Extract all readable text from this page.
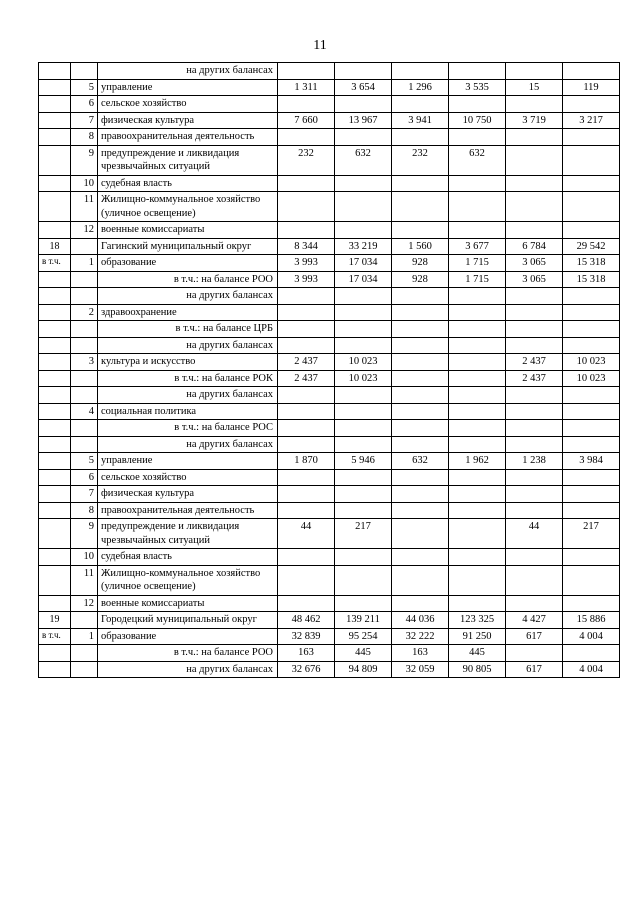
11
		на других балансах						
	5	управление	1 311	3 654	1 296	3 535	15	119
	6	сельское хозяйство						
	7	физическая культура	7 660	13 967	3 941	10 750	3 719	3 217
	8	правоохранительная деятельность						
	9	предупреждение и ликвидация чрезвычайных ситуаций	232	632	232	632		
	10	судебная власть						
	11	Жилищно-коммунальное хозяйство (уличное освещение)						
	12	военные комиссариаты						
18		Гагинский муниципальный округ	8 344	33 219	1 560	3 677	6 784	29 542
в т.ч.	1	образование	3 993	17 034	928	1 715	3 065	15 318
		в т.ч.: на балансе РОО	3 993	17 034	928	1 715	3 065	15 318
		на других балансах						
	2	здравоохранение						
		в т.ч.: на балансе ЦРБ						
		на других балансах						
	3	культура и искусство	2 437	10 023			2 437	10 023
		в т.ч.: на балансе РОК	2 437	10 023			2 437	10 023
		на других балансах						
	4	социальная политика						
		в т.ч.: на балансе РОС						
		на других балансах						
	5	управление	1 870	5 946	632	1 962	1 238	3 984
	6	сельское хозяйство						
	7	физическая культура						
	8	правоохранительная деятельность						
	9	предупреждение и ликвидация чрезвычайных ситуаций	44	217			44	217
	10	судебная власть						
	11	Жилищно-коммунальное хозяйство (уличное освещение)						
	12	военные комиссариаты						
19		Городецкий муниципальный округ	48 462	139 211	44 036	123 325	4 427	15 886
в т.ч.	1	образование	32 839	95 254	32 222	91 250	617	4 004
		в т.ч.: на балансе РОО	163	445	163	445		
		на других балансах	32 676	94 809	32 059	90 805	617	4 004
